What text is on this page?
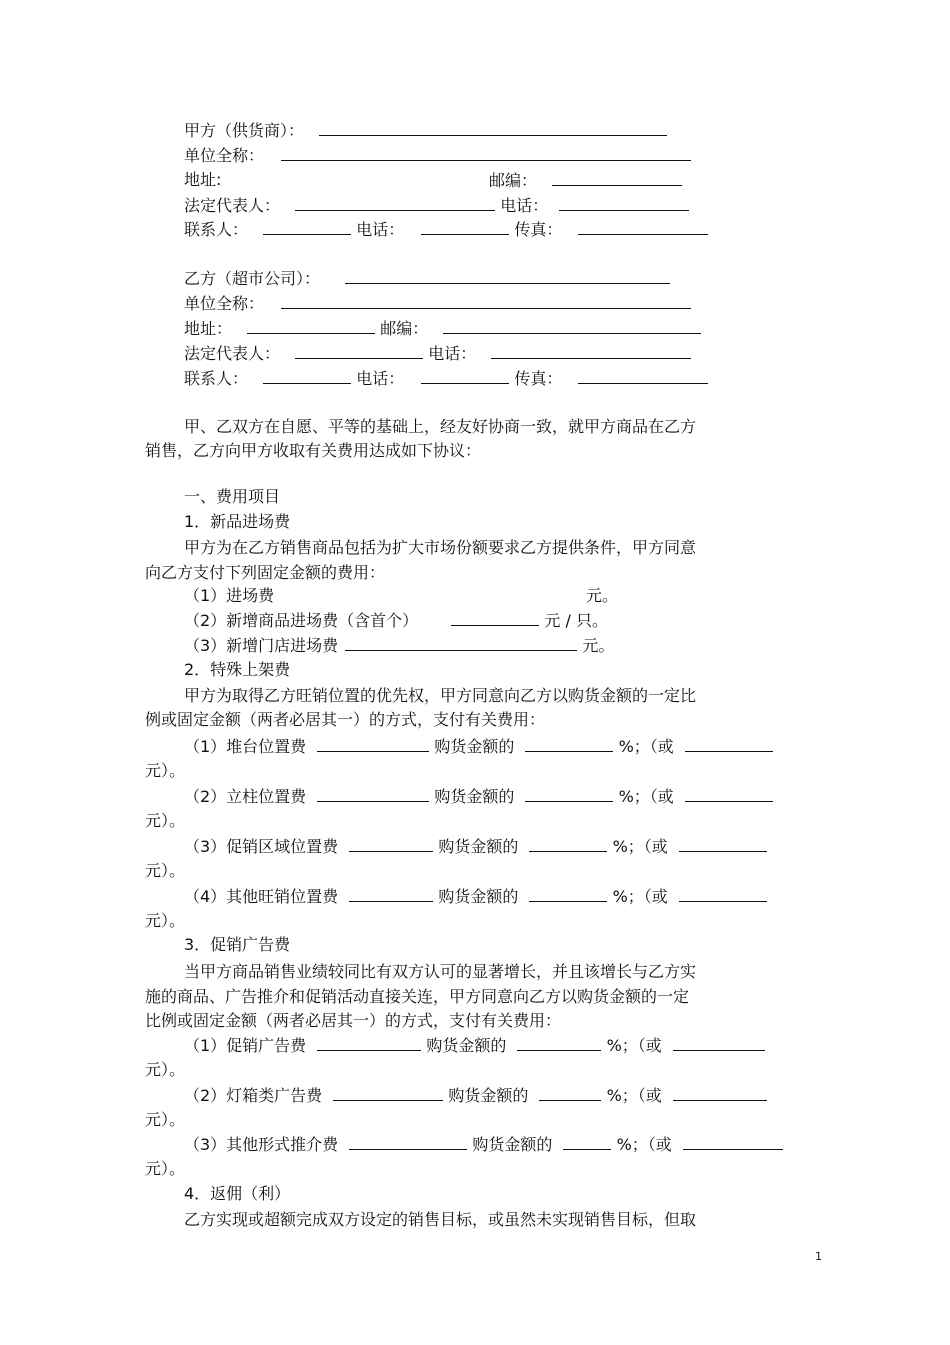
甲方（供货商）：
单位全称：
地址:	邮编：
法定代表人：	电话：
联系人：	电话：	传真：
乙方（超市公司）：
单位全称：
地址：	邮编：
法定代表人：	电话：
联系人：	电话：	传真：
甲、乙双方在自愿、平等的基础上，经友好协商一致，就甲方商品在乙方
销售，乙方向甲方收取有关费用达成如下协议：
一、费用项目
1．新品进场费
甲方为在乙方销售商品包括为扩大市场份额要求乙方提供条件，甲方同意
向乙方支付下列固定金额的费用：
（1）进场费	元。
（2）新增商品进场费（含首个）	元 / 只。
（3）新增门店进场费	元。
2．特殊上架费
甲方为取得乙方旺销位置的优先权，甲方同意向乙方以购货金额的一定比
例或固定金额（两者必居其一）的方式，支付有关费用：
（1）堆台位置费	购货金额的	%；（或
元）。
（2）立柱位置费	购货金额的	%；（或
元）。
（3）促销区域位置费	购货金额的	%；（或
元）。
（4）其他旺销位置费	购货金额的	%；（或
元）。
3．促销广告费
当甲方商品销售业绩较同比有双方认可的显著增长，并且该增长与乙方实
施的商品、广告推介和促销活动直接关连，甲方同意向乙方以购货金额的一定
比例或固定金额（两者必居其一）的方式，支付有关费用：
（1）促销广告费	购货金额的	%；（或
元）。
（2）灯箱类广告费	购货金额的	%；（或
元）。
（3）其他形式推介费	购货金额的	%；（或
元）。
4．返佣（利）
乙方实现或超额完成双方设定的销售目标，或虽然未实现销售目标，但取
1
